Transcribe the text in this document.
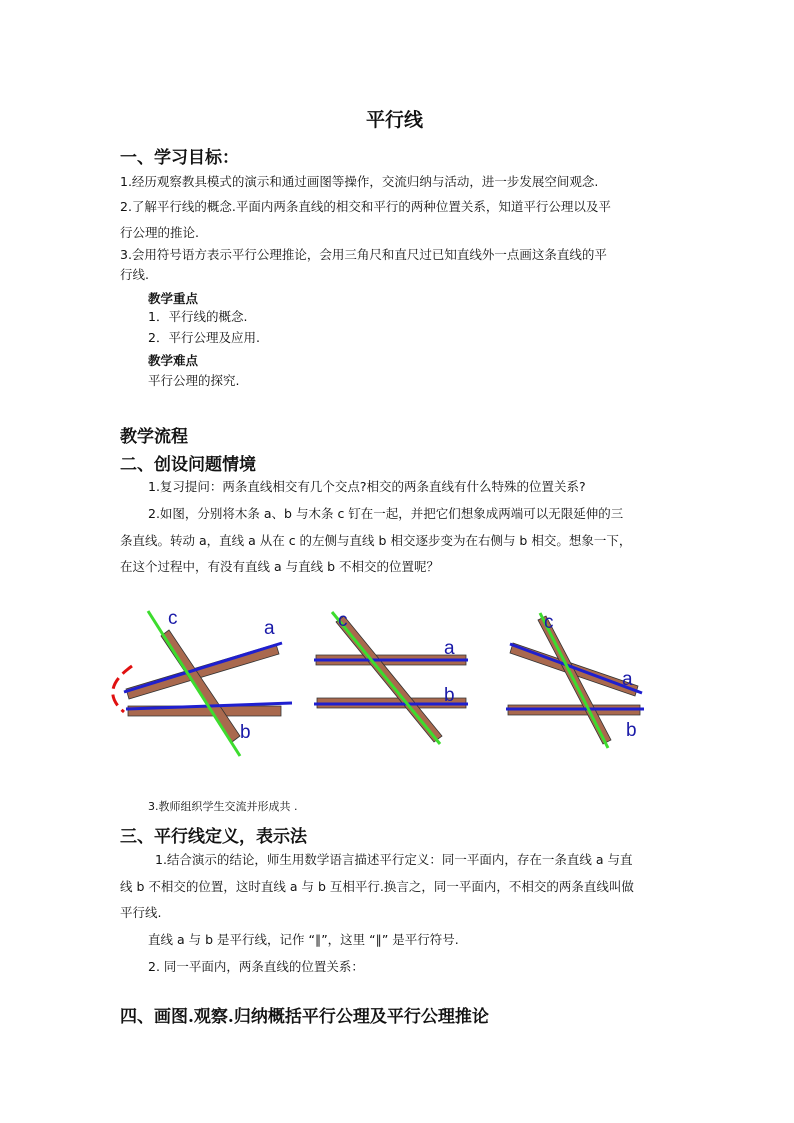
平行线
一、学习目标：
1.经历观察教具模式的演示和通过画图等操作，交流归纳与活动，进一步发展空间观念.
2.了解平行线的概念.平面内两条直线的相交和平行的两种位置关系，知道平行公理以及平
行公理的推论.
3.会用符号语方表示平行公理推论，会用三角尺和直尺过已知直线外一点画这条直线的平
行线.
教学重点
1．平行线的概念.
2．平行公理及应用.
教学难点
平行公理的探究.
教学流程
二、创设问题情境
1.复习提问：两条直线相交有几个交点?相交的两条直线有什么特殊的位置关系?
2.如图，分别将木条 a、b 与木条 c 钉在一起，并把它们想象成两端可以无限延伸的三
条直线。转动 a，直线 a 从在 c 的左侧与直线 b 相交逐步变为在右侧与 b 相交。想象一下，
在这个过程中，有没有直线 a 与直线 b 不相交的位置呢？
c	a
b
c
a
b
c
a
b
3.教师组织学生交流并形成共 .
三、平行线定义，表示法
1.结合演示的结论，师生用数学语言描述平行定义：同一平面内，存在一条直线 a 与直
线 b 不相交的位置，这时直线 a 与 b 互相平行.换言之，同一平面内，不相交的两条直线叫做
平行线.
直线 a 与 b 是平行线，记作 “∥”，这里 “∥” 是平行符号.
2. 同一平面内，两条直线的位置关系：
四、画图.观察.归纳概括平行公理及平行公理推论
